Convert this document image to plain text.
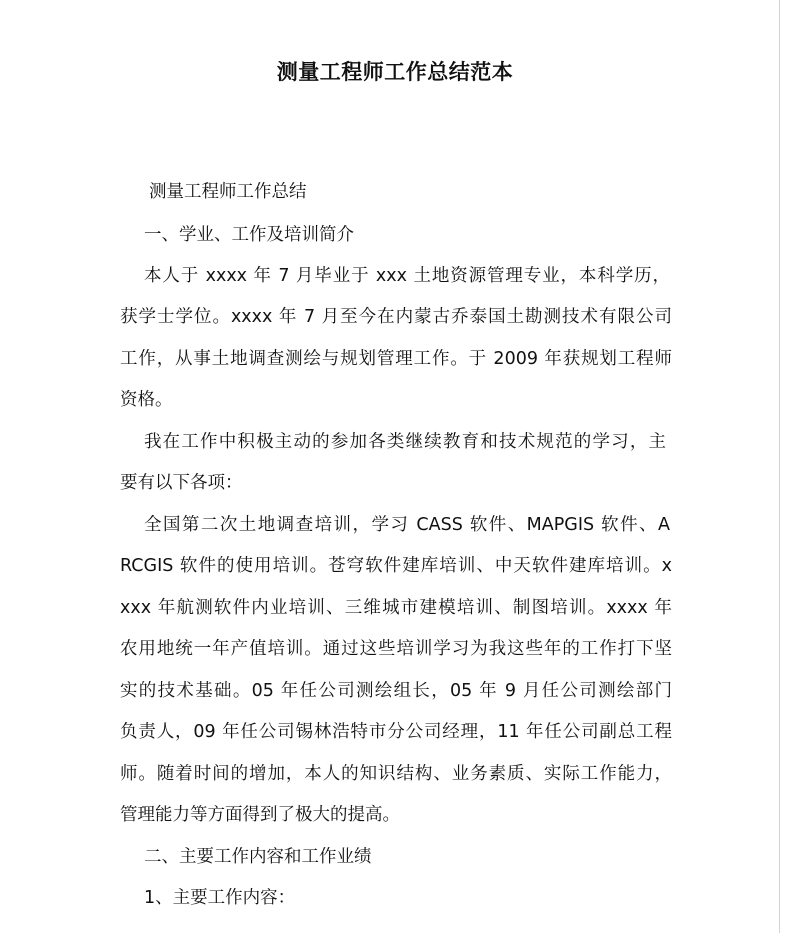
测量工程师工作总结范本
测量工程师工作总结
一、学业、工作及培训简介
本人于 xxxx 年 7 月毕业于 xxx 土地资源管理专业，本科学历，
获学士学位。xxxx 年 7 月至今在内蒙古乔泰国土勘测技术有限公司
工作，从事土地调查测绘与规划管理工作。于 2009 年获规划工程师
资格。
我在工作中积极主动的参加各类继续教育和技术规范的学习，主
要有以下各项：
全国第二次土地调查培训，学习 CASS 软件、MAPGIS 软件、A
RCGIS 软件的使用培训。苍穹软件建库培训、中天软件建库培训。x
xxx 年航测软件内业培训、三维城市建模培训、制图培训。xxxx 年
农用地统一年产值培训。通过这些培训学习为我这些年的工作打下坚
实的技术基础。05 年任公司测绘组长，05 年 9 月任公司测绘部门
负责人，09 年任公司锡林浩特市分公司经理，11 年任公司副总工程
师。随着时间的增加，本人的知识结构、业务素质、实际工作能力，
管理能力等方面得到了极大的提高。
二、主要工作内容和工作业绩
1、主要工作内容：
